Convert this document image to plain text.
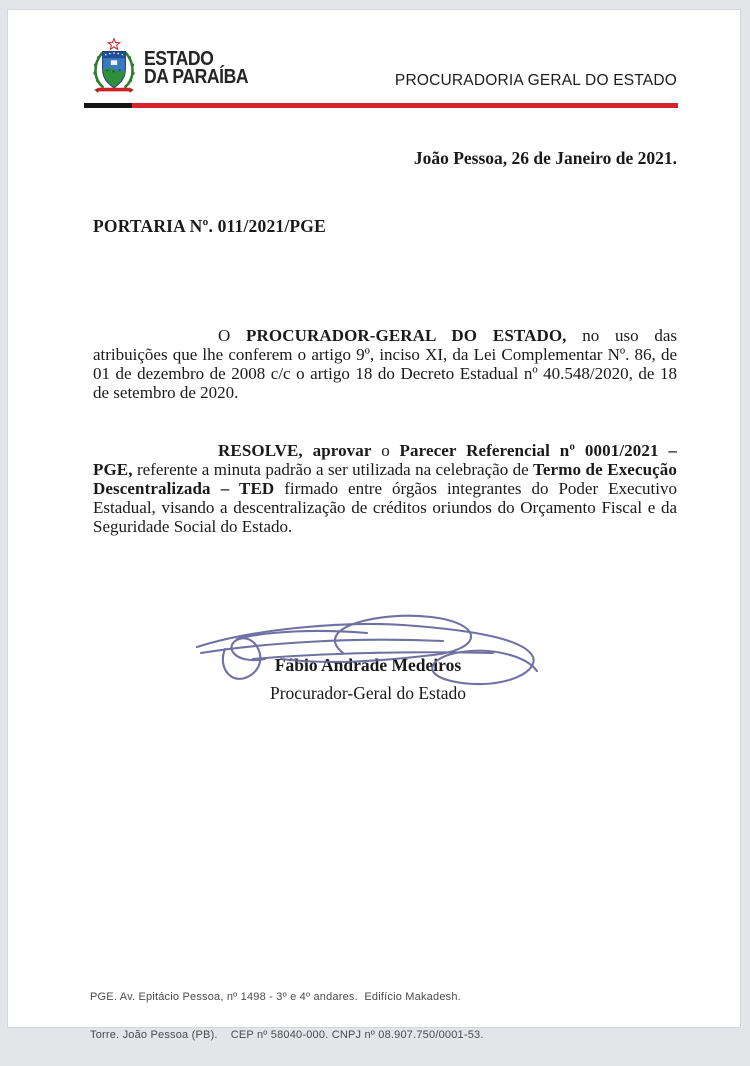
ESTADO
DA PARAÍBA	PROCURADORIA GERAL DO ESTADO
João Pessoa, 26 de Janeiro de 2021.
PORTARIA Nº. 011/2021/PGE

O PROCURADOR-GERAL DO ESTADO, no uso das atribuições que lhe conferem o artigo 9º, inciso XI, da Lei Complementar Nº. 86, de 01 de dezembro de 2008 c/c o artigo 18 do Decreto Estadual nº 40.548/2020, de 18 de setembro de 2020.

RESOLVE, aprovar o Parecer Referencial nº 0001/2021 – PGE, referente a minuta padrão a ser utilizada na celebração de Termo de Execução Descentralizada – TED firmado entre órgãos integrantes do Poder Executivo Estadual, visando a descentralização de créditos oriundos do Orçamento Fiscal e da Seguridade Social do Estado.

Fábio Andrade Medeiros
Procurador-Geral do Estado

PGE. Av. Epitácio Pessoa, nº 1498 - 3º e 4º andares.  Edifício Makadesh.

Torre. João Pessoa (PB).    CEP nº 58040-000. CNPJ nº 08.907.750/0001-53.
